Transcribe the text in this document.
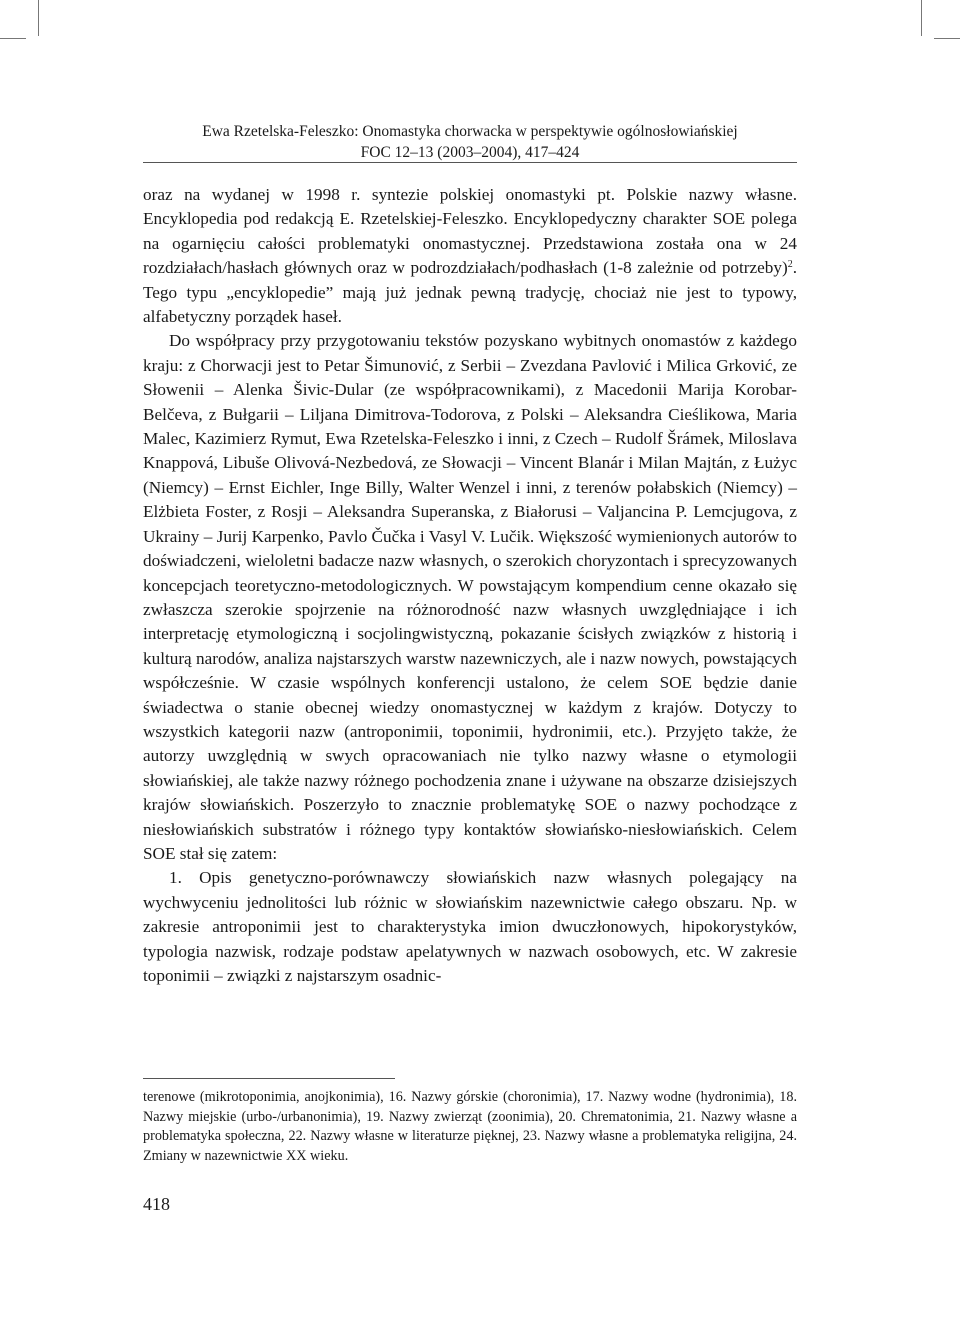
Ewa Rzetelska-Feleszko: Onomastyka chorwacka w perspektywie ogólnosłowiańskiej
FOC 12–13 (2003–2004), 417–424

oraz na wydanej w 1998 r. syntezie polskiej onomastyki pt. Polskie nazwy własne. Encyklopedia pod redakcją E. Rzetelskiej-Feleszko. Encyklopedyczny charakter SOE polega na ogarnięciu całości problematyki onomastycznej. Przedstawiona została ona w 24 rozdziałach/hasłach głównych oraz w podrozdziałach/podhasłach (1-8 zależnie od potrzeby)$^2$. Tego typu „encyklopedie” mają już jednak pewną tradycję, chociaż nie jest to typowy, alfabetyczny porządek haseł.

Do współpracy przy przygotowaniu tekstów pozyskano wybitnych onomastów z każdego kraju: z Chorwacji jest to Petar Šimunović, z Serbii – Zvezdana Pavlović i Milica Grković, ze Słowenii – Alenka Šivic-Dular (ze współpracownikami), z Macedonii Marija Korobar-Belčeva, z Bułgarii – Liljana Dimitrova-Todorova, z Polski – Aleksandra Cieślikowa, Maria Malec, Kazimierz Rymut, Ewa Rzetelska-Feleszko i inni, z Czech – Rudolf Šrámek, Miloslava Knappová, Libuše Olivová-Nezbedová, ze Słowacji – Vincent Blanár i Milan Majtán, z Łużyc (Niemcy) – Ernst Eichler, Inge Billy, Walter Wenzel i inni, z terenów połabskich (Niemcy) – Elżbieta Foster, z Rosji – Aleksandra Superanska, z Białorusi – Valjancina P. Lemcjugova, z Ukrainy – Jurij Karpenko, Pavlo Čučka i Vasyl V. Lučik. Większość wymienionych autorów to doświadczeni, wieloletni badacze nazw własnych, o szerokich choryzontach i sprecyzowanych koncepcjach teoretyczno-metodologicznych. W powstającym kompendium cenne okazało się zwłaszcza szerokie spojrzenie na różnorodność nazw własnych uwzględniające i ich interpretację etymologiczną i socjolingwistyczną, pokazanie ścisłych związków z historią i kulturą narodów, analiza najstarszych warstw nazewniczych, ale i nazw nowych, powstających współcześnie. W czasie wspólnych konferencji ustalono, że celem SOE będzie danie świadectwa o stanie obecnej wiedzy onomastycznej w każdym z krajów. Dotyczy to wszystkich kategorii nazw (antroponimii, toponimii, hydronimii, etc.). Przyjęto także, że autorzy uwzględnią w swych opracowaniach nie tylko nazwy własne o etymologii słowiańskiej, ale także nazwy różnego pochodzenia znane i używane na obszarze dzisiejszych krajów słowiańskich. Poszerzyło to znacznie problematykę SOE o nazwy pochodzące z niesłowiańskich substratów i różnego typy kontaktów słowiańsko-niesłowiańskich. Celem SOE stał się zatem:

1. Opis genetyczno-porównawczy słowiańskich nazw własnych polegający na wychwyceniu jednolitości lub różnic w słowiańskim nazewnictwie całego obszaru. Np. w zakresie antroponimii jest to charakterystyka imion dwuczłonowych, hipokorystyków, typologia nazwisk, rodzaje podstaw apelatywnych w nazwach osobowych, etc. W zakresie toponimii – związki z najstarszym osadnic-

terenowe (mikrotoponimia, anojkonimia), 16. Nazwy górskie (choronimia), 17. Nazwy wodne (hydronimia), 18. Nazwy miejskie (urbo-/urbanonimia), 19. Nazwy zwierząt (zoonimia), 20. Chrematonimia, 21. Nazwy własne a problematyka społeczna, 22. Nazwy własne w literaturze pięknej, 23. Nazwy własne a problematyka religijna, 24. Zmiany w nazewnictwie XX wieku.
418
